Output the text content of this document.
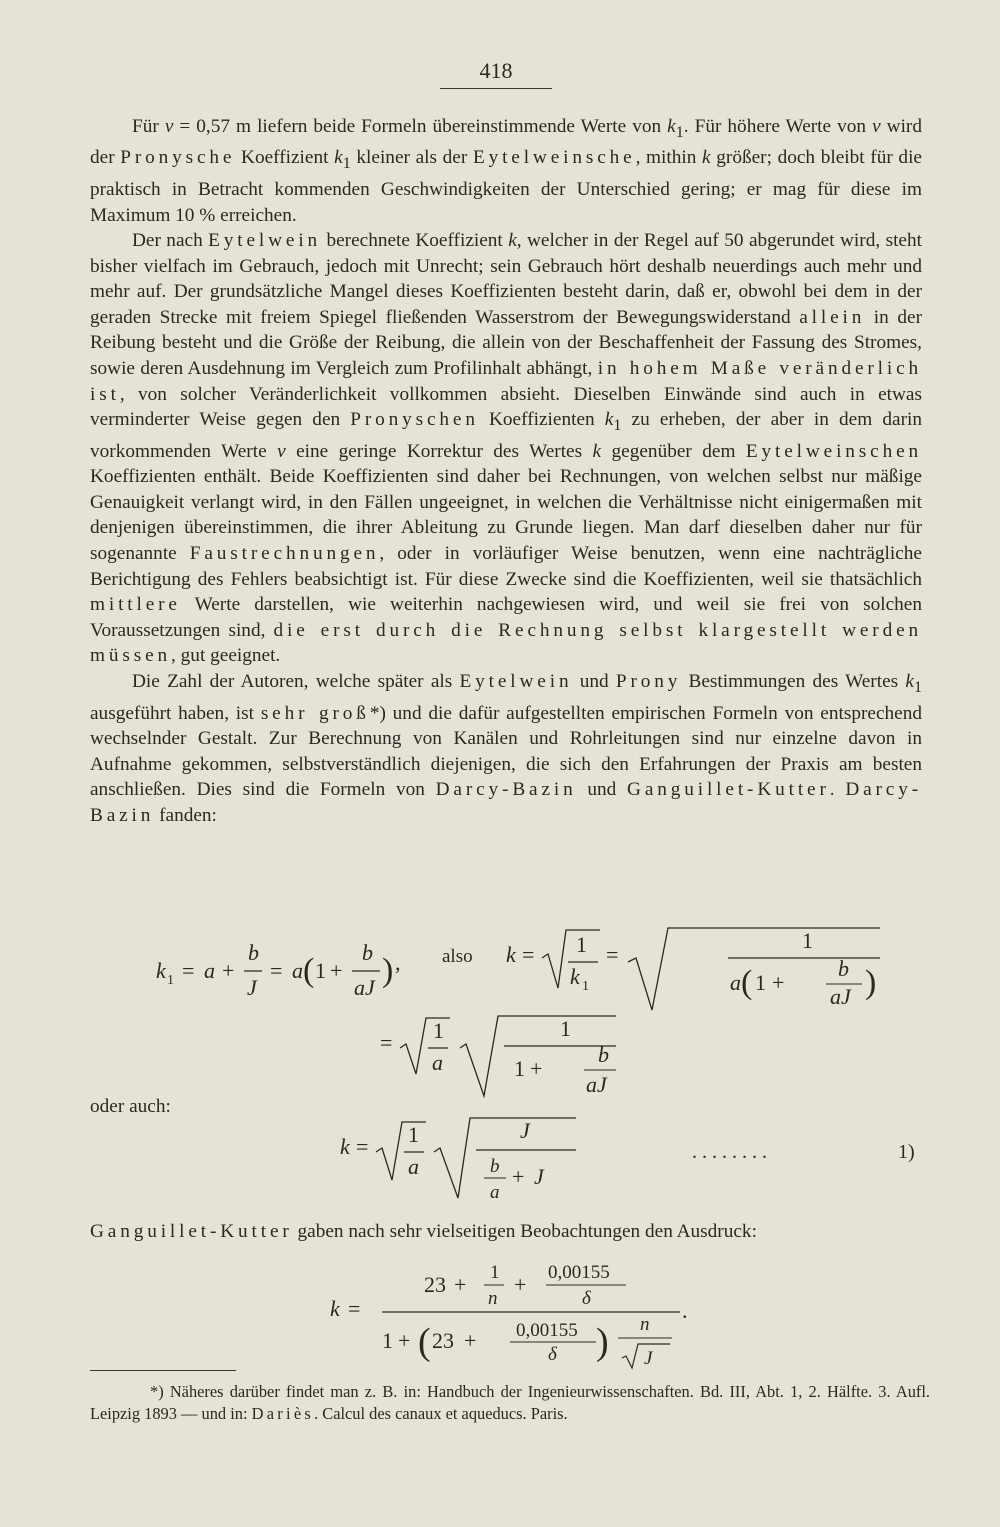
418

Für v = 0,57 m liefern beide Formeln übereinstimmende Werte von $k_1$. Für höhere Werte von v wird der Pronysche Koeffizient $k_1$ kleiner als der Eytelweinsche, mithin k größer; doch bleibt für die praktisch in Betracht kommenden Geschwindigkeiten der Unterschied gering; er mag für diese im Maximum 10 % erreichen.

Der nach Eytelwein berechnete Koeffizient k, welcher in der Regel auf 50 abgerundet wird, steht bisher vielfach im Gebrauch, jedoch mit Unrecht; sein Gebrauch hört deshalb neuerdings auch mehr und mehr auf. Der grundsätzliche Mangel dieses Koeffizienten besteht darin, daß er, obwohl bei dem in der geraden Strecke mit freiem Spiegel fließenden Wasserstrom der Bewegungswiderstand allein in der Reibung besteht und die Größe der Reibung, die allein von der Beschaffenheit der Fassung des Stromes, sowie deren Ausdehnung im Vergleich zum Profilinhalt abhängt, in hohem Maße veränderlich ist, von solcher Veränderlichkeit vollkommen absieht. Dieselben Einwände sind auch in etwas verminderter Weise gegen den Pronyschen Koeffizienten $k_1$ zu erheben, der aber in dem darin vorkommenden Werte v eine geringe Korrektur des Wertes k gegenüber dem Eytelweinschen Koeffizienten enthält. Beide Koeffizienten sind daher bei Rechnungen, von welchen selbst nur mäßige Genauigkeit verlangt wird, in den Fällen ungeeignet, in welchen die Verhältnisse nicht einigermaßen mit denjenigen übereinstimmen, die ihrer Ableitung zu Grunde liegen. Man darf dieselben daher nur für sogenannte Faustrechnungen, oder in vorläufiger Weise benutzen, wenn eine nachträgliche Berichtigung des Fehlers beabsichtigt ist. Für diese Zwecke sind die Koeffizienten, weil sie thatsächlich mittlere Werte darstellen, wie weiterhin nachgewiesen wird, und weil sie frei von solchen Voraussetzungen sind, die erst durch die Rechnung selbst klargestellt werden müssen, gut geeignet.

Die Zahl der Autoren, welche später als Eytelwein und Prony Bestimmungen des Wertes $k_1$ ausgeführt haben, ist sehr groß*) und die dafür aufgestellten empirischen Formeln von entsprechend wechselnder Gestalt. Zur Berechnung von Kanälen und Rohrleitungen sind nur einzelne davon in Aufnahme gekommen, selbstverständlich diejenigen, die sich den Erfahrungen der Praxis am besten anschließen. Dies sind die Formeln von Darcy-Bazin und Ganguillet-Kutter. Darcy-Bazin fanden:

k 1 = a +
b
J
= a ( 1 +
b
aJ ) , also k = 1
k 1
=
1
a ( 1 +
b
aJ )
= 1
a
1
1 +
b
aJ
oder auch:
k = 1
a
J
b
a
+ J
. . . . . . . .	1)

Ganguillet-Kutter gaben nach sehr vielseitigen Beobachtungen den Ausdruck:

k =
23 + 1
n
+ 0,00155
δ
1 + ( 23 + 0,00155
δ ) n
J
.

*) Näheres darüber findet man z. B. in: Handbuch der Ingenieurwissenschaften. Bd. III, Abt. 1, 2. Hälfte. 3. Aufl. Leipzig 1893 — und in: Dariès. Calcul des canaux et aqueducs. Paris.
